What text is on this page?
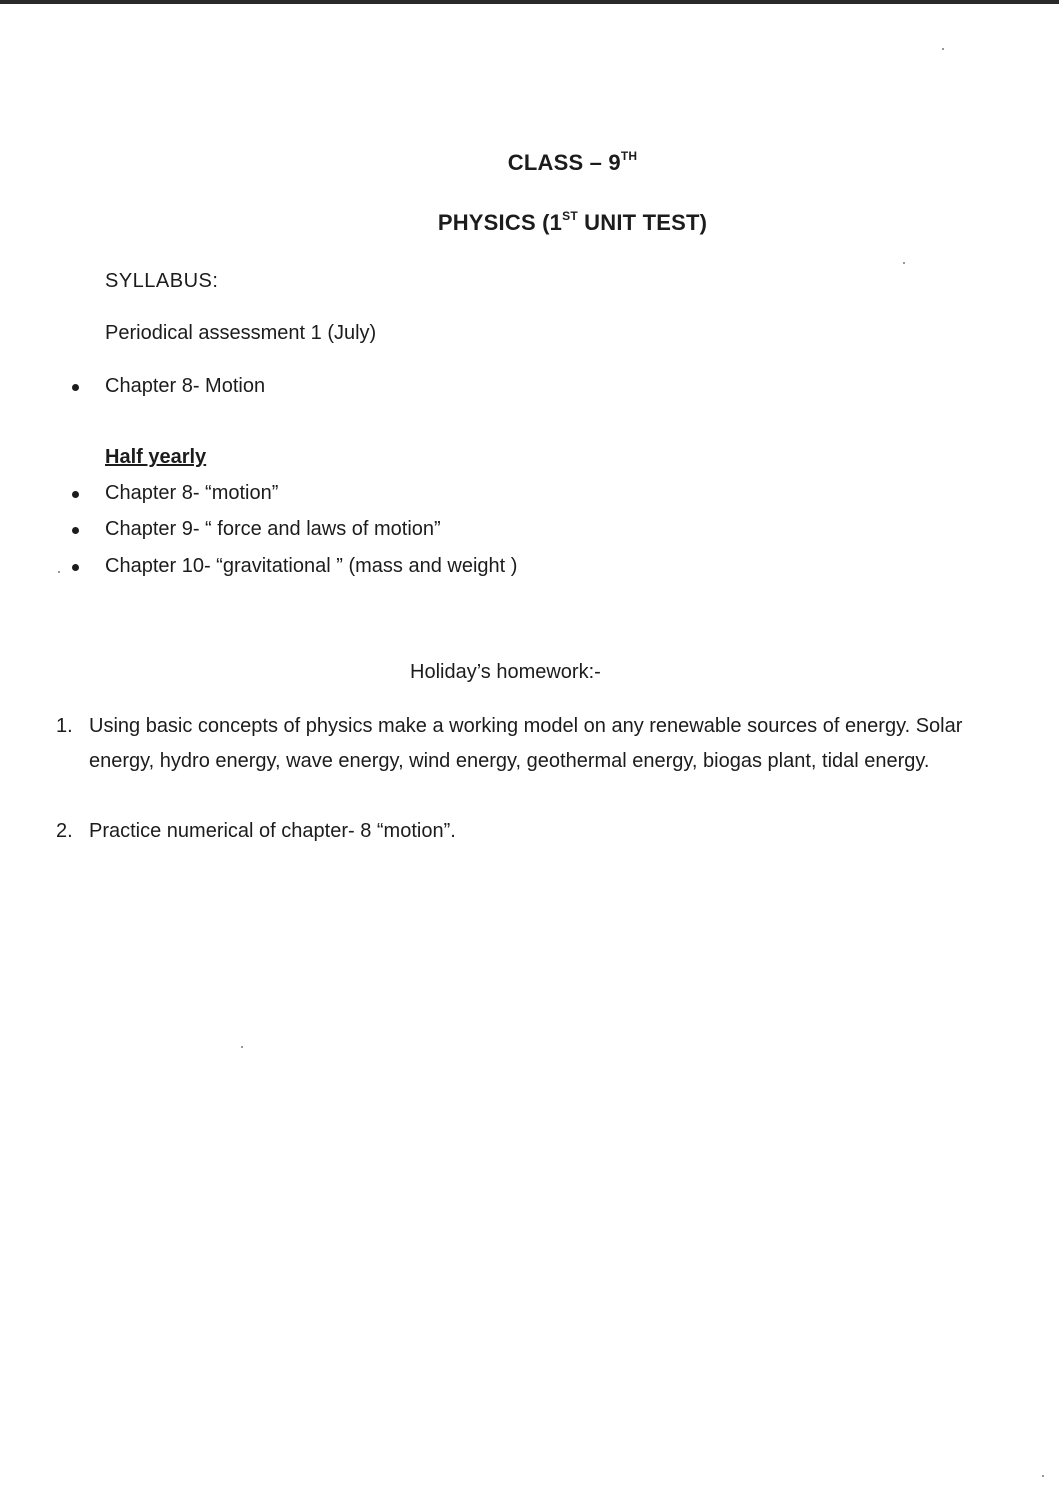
CLASS – 9TH
PHYSICS (1ST UNIT TEST)
SYLLABUS:
Periodical assessment 1 (July)
Chapter 8- Motion
Half yearly
Chapter 8- “motion”
Chapter 9- “ force and laws of motion”
Chapter 10- “gravitational ” (mass and weight )
Holiday’s homework:-
1. Using basic concepts of physics make a working model on any renewable sources of energy. Solar energy, hydro energy, wave energy, wind energy, geothermal energy, biogas plant, tidal energy.
2. Practice numerical of chapter- 8 “motion”.
